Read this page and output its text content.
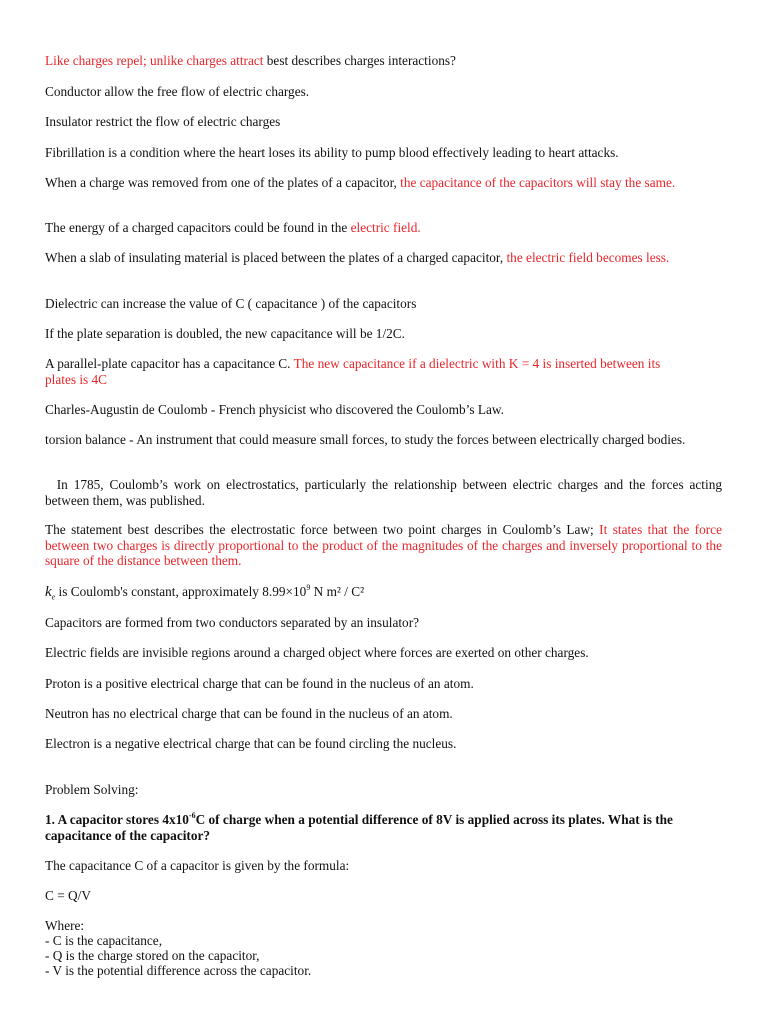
Like charges repel; unlike charges attract best describes charges interactions?

Conductor allow the free flow of electric charges.

Insulator restrict the flow of electric charges

Fibrillation is a condition where the heart loses its ability to pump blood effectively leading to heart attacks.

When a charge was removed from one of the plates of a capacitor, the capacitance of the capacitors will stay the same.

The energy of a charged capacitors could be found in the electric field.

When a slab of insulating material is placed between the plates of a charged capacitor, the electric field becomes less.

Dielectric can increase the value of C ( capacitance ) of the capacitors

If the plate separation is doubled, the new capacitance will be 1/2C.

A parallel-plate capacitor has a capacitance C. The new capacitance if a dielectric with K = 4 is inserted between its plates is 4C

Charles-Augustin de Coulomb - French physicist who discovered the Coulomb’s Law.

torsion balance - An instrument that could measure small forces, to study the forces between electrically charged bodies.

In 1785, Coulomb’s work on electrostatics, particularly the relationship between electric charges and the forces acting between them, was published.

The statement best describes the electrostatic force between two point charges in Coulomb’s Law; It states that the force between two charges is directly proportional to the product of the magnitudes of the charges and inversely proportional to the square of the distance between them.

$k_e$ is Coulomb's constant, approximately $8.99\times 10^9$ N m² / C²

Capacitors are formed from two conductors separated by an insulator?

Electric fields are invisible regions around a charged object where forces are exerted on other charges.

Proton is a positive electrical charge that can be found in the nucleus of an atom.

Neutron has no electrical charge that can be found in the nucleus of an atom.

Electron is a negative electrical charge that can be found circling the nucleus.

Problem Solving:

1. A capacitor stores $4x10^{-6}C$ of charge when a potential difference of 8V is applied across its plates. What is the capacitance of the capacitor?

The capacitance C of a capacitor is given by the formula:

C = Q/V

Where:

- C is the capacitance,

- Q is the charge stored on the capacitor,

- V is the potential difference across the capacitor.
